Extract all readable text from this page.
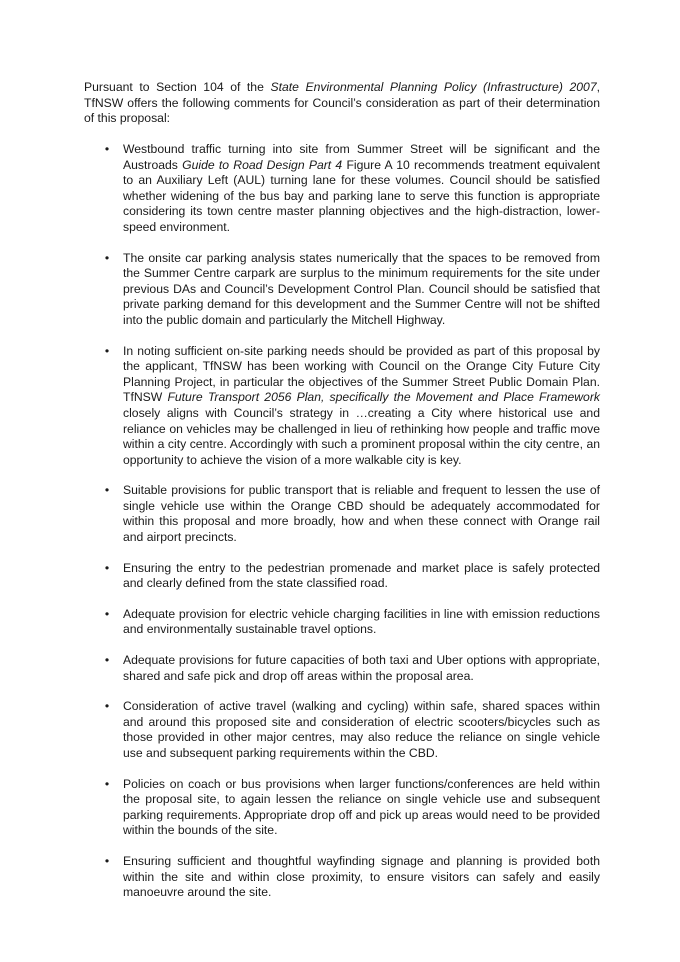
Pursuant to Section 104 of the State Environmental Planning Policy (Infrastructure) 2007, TfNSW offers the following comments for Council’s consideration as part of their determination of this proposal:

• Westbound traffic turning into site from Summer Street will be significant and the Austroads Guide to Road Design Part 4 Figure A 10 recommends treatment equivalent to an Auxiliary Left (AUL) turning lane for these volumes. Council should be satisfied whether widening of the bus bay and parking lane to serve this function is appropriate considering its town centre master planning objectives and the high-distraction, lower-speed environment.
• The onsite car parking analysis states numerically that the spaces to be removed from the Summer Centre carpark are surplus to the minimum requirements for the site under previous DAs and Council’s Development Control Plan. Council should be satisfied that private parking demand for this development and the Summer Centre will not be shifted into the public domain and particularly the Mitchell Highway.
• In noting sufficient on-site parking needs should be provided as part of this proposal by the applicant, TfNSW has been working with Council on the Orange City Future City Planning Project, in particular the objectives of the Summer Street Public Domain Plan. TfNSW Future Transport 2056 Plan, specifically the Movement and Place Framework closely aligns with Council’s strategy in …creating a City where historical use and reliance on vehicles may be challenged in lieu of rethinking how people and traffic move within a city centre. Accordingly with such a prominent proposal within the city centre, an opportunity to achieve the vision of a more walkable city is key.
• Suitable provisions for public transport that is reliable and frequent to lessen the use of single vehicle use within the Orange CBD should be adequately accommodated for within this proposal and more broadly, how and when these connect with Orange rail and airport precincts.
• Ensuring the entry to the pedestrian promenade and market place is safely protected and clearly defined from the state classified road.
• Adequate provision for electric vehicle charging facilities in line with emission reductions and environmentally sustainable travel options.
• Adequate provisions for future capacities of both taxi and Uber options with appropriate, shared and safe pick and drop off areas within the proposal area.
• Consideration of active travel (walking and cycling) within safe, shared spaces within and around this proposed site and consideration of electric scooters/bicycles such as those provided in other major centres, may also reduce the reliance on single vehicle use and subsequent parking requirements within the CBD.
• Policies on coach or bus provisions when larger functions/conferences are held within the proposal site, to again lessen the reliance on single vehicle use and subsequent parking requirements. Appropriate drop off and pick up areas would need to be provided within the bounds of the site.
• Ensuring sufficient and thoughtful wayfinding signage and planning is provided both within the site and within close proximity, to ensure visitors can safely and easily manoeuvre around the site.
